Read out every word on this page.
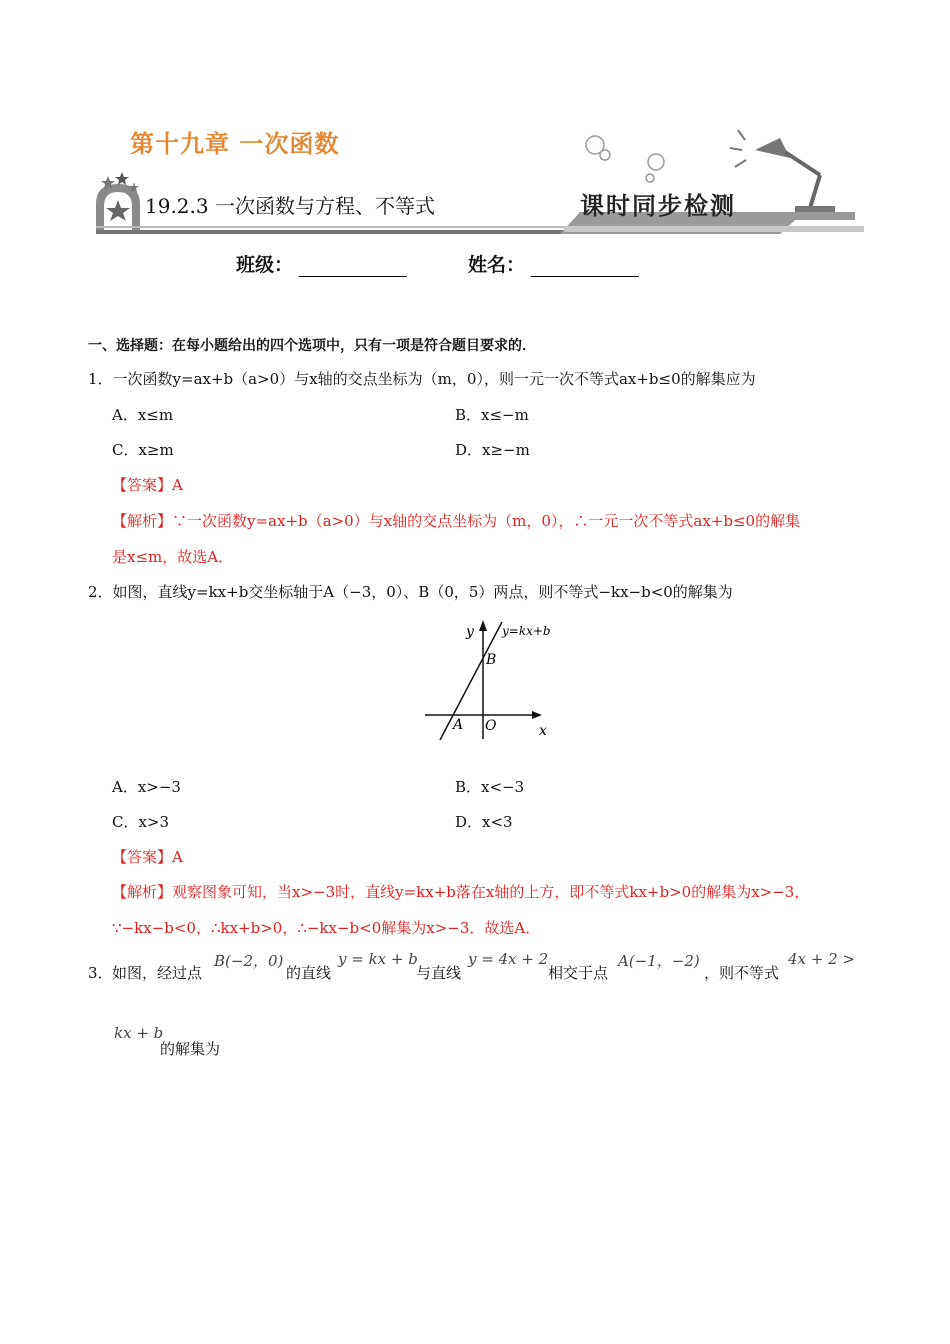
第十九章 一次函数
19.2.3 一次函数与方程、不等式	课时同步检测
班级：	姓名：
一、选择题：在每小题给出的四个选项中，只有一项是符合题目要求的．
1．一次函数y=ax+b（a>0）与x轴的交点坐标为（m，0），则一元一次不等式ax+b≤0的解集应为
A．x≤m	B．x≤−m
C．x≥m	D．x≥−m
【答案】A
【解析】∵一次函数y=ax+b（a>0）与x轴的交点坐标为（m，0），∴一元一次不等式ax+b≤0的解集
是x≤m，故选A．
2．如图，直线y=kx+b交坐标轴于A（−3，0）、B（0，5）两点，则不等式−kx−b<0的解集为
y y=kx+b
B
A O	x
A．x>−3	B．x<−3
C．x>3	D．x<3
【答案】A
【解析】观察图象可知，当x>−3时，直线y=kx+b落在x轴的上方，即不等式kx+b>0的解集为x>−3，
∵−kx−b<0，∴kx+b>0，∴−kx−b<0解集为x>−3．故选A．
3． 如图，经过点
B(−2，0)
的直线
y = kx + b
与直线
y = 4x + 2
相交于点
A(−1，−2)
，则不等式
4x + 2 >
kx + b
的解集为
